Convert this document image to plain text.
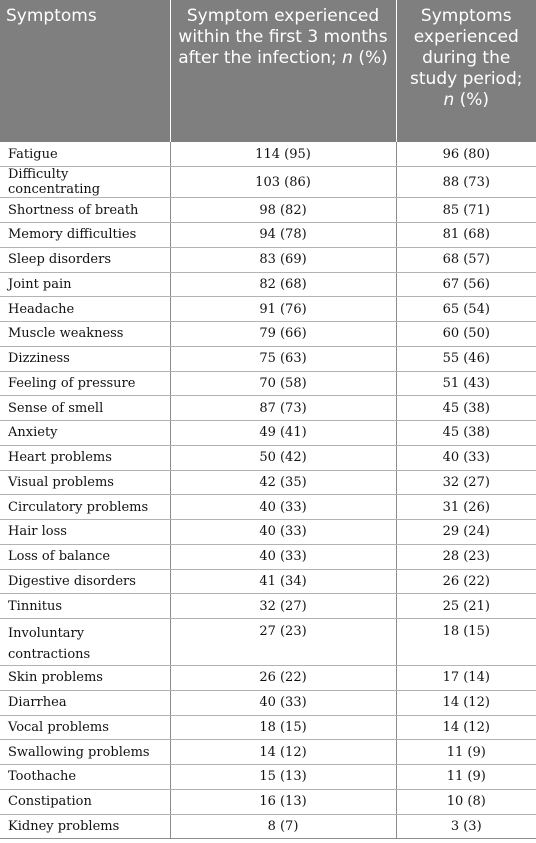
Symptoms	Symptom experienced within the first 3 months after the infection; n (%)	Symptoms experienced during the study period; n (%)
Fatigue	114 (95)	96 (80)
Difficulty concentrating	103 (86)	88 (73)
Shortness of breath	98 (82)	85 (71)
Memory difficulties	94 (78)	81 (68)
Sleep disorders	83 (69)	68 (57)
Joint pain	82 (68)	67 (56)
Headache	91 (76)	65 (54)
Muscle weakness	79 (66)	60 (50)
Dizziness	75 (63)	55 (46)
Feeling of pressure	70 (58)	51 (43)
Sense of smell	87 (73)	45 (38)
Anxiety	49 (41)	45 (38)
Heart problems	50 (42)	40 (33)
Visual problems	42 (35)	32 (27)
Circulatory problems	40 (33)	31 (26)
Hair loss	40 (33)	29 (24)
Loss of balance	40 (33)	28 (23)
Digestive disorders	41 (34)	26 (22)
Tinnitus	32 (27)	25 (21)
Involuntary contractions	27 (23)	18 (15)
Skin problems	26 (22)	17 (14)
Diarrhea	40 (33)	14 (12)
Vocal problems	18 (15)	14 (12)
Swallowing problems	14 (12)	11 (9)
Toothache	15 (13)	11 (9)
Constipation	16 (13)	10 (8)
Kidney problems	8 (7)	3 (3)
